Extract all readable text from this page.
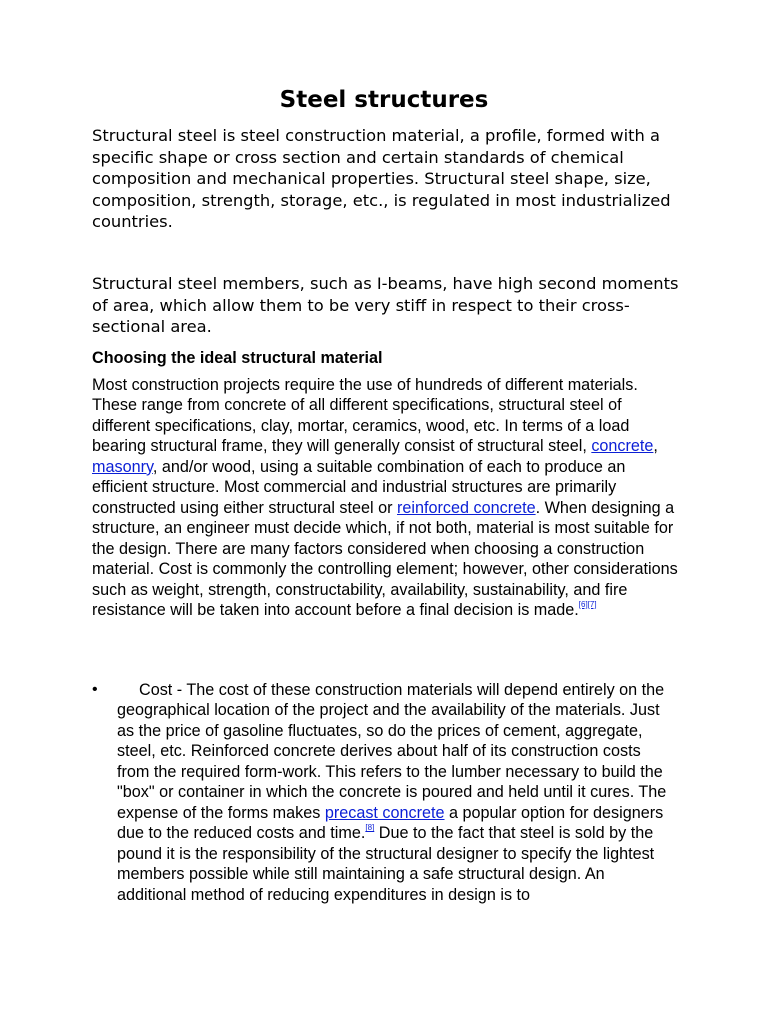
Steel structures

Structural steel is steel construction material, a profile, formed with a specific shape or cross section and certain standards of chemical composition and mechanical properties. Structural steel shape, size, composition, strength, storage, etc., is regulated in most industrialized countries.

Structural steel members, such as I-beams, have high second moments of area, which allow them to be very stiff in respect to their cross-sectional area.

Choosing the ideal structural material

Most construction projects require the use of hundreds of different materials. These range from concrete of all different specifications, structural steel of different specifications, clay, mortar, ceramics, wood, etc. In terms of a load bearing structural frame, they will generally consist of structural steel, concrete, masonry, and/or wood, using a suitable combination of each to produce an efficient structure. Most commercial and industrial structures are primarily constructed using either structural steel or reinforced concrete. When designing a structure, an engineer must decide which, if not both, material is most suitable for the design. There are many factors considered when choosing a construction material. Cost is commonly the controlling element; however, other considerations such as weight, strength, constructability, availability, sustainability, and fire resistance will be taken into account before a final decision is made.[6][7]

•	Cost - The cost of these construction materials will depend entirely on the geographical location of the project and the availability of the materials. Just as the price of gasoline fluctuates, so do the prices of cement, aggregate, steel, etc. Reinforced concrete derives about half of its construction costs from the required form-work. This refers to the lumber necessary to build the "box" or container in which the concrete is poured and held until it cures. The expense of the forms makes precast concrete a popular option for designers due to the reduced costs and time.[8] Due to the fact that steel is sold by the pound it is the responsibility of the structural designer to specify the lightest members possible while still maintaining a safe structural design. An additional method of reducing expenditures in design is to
